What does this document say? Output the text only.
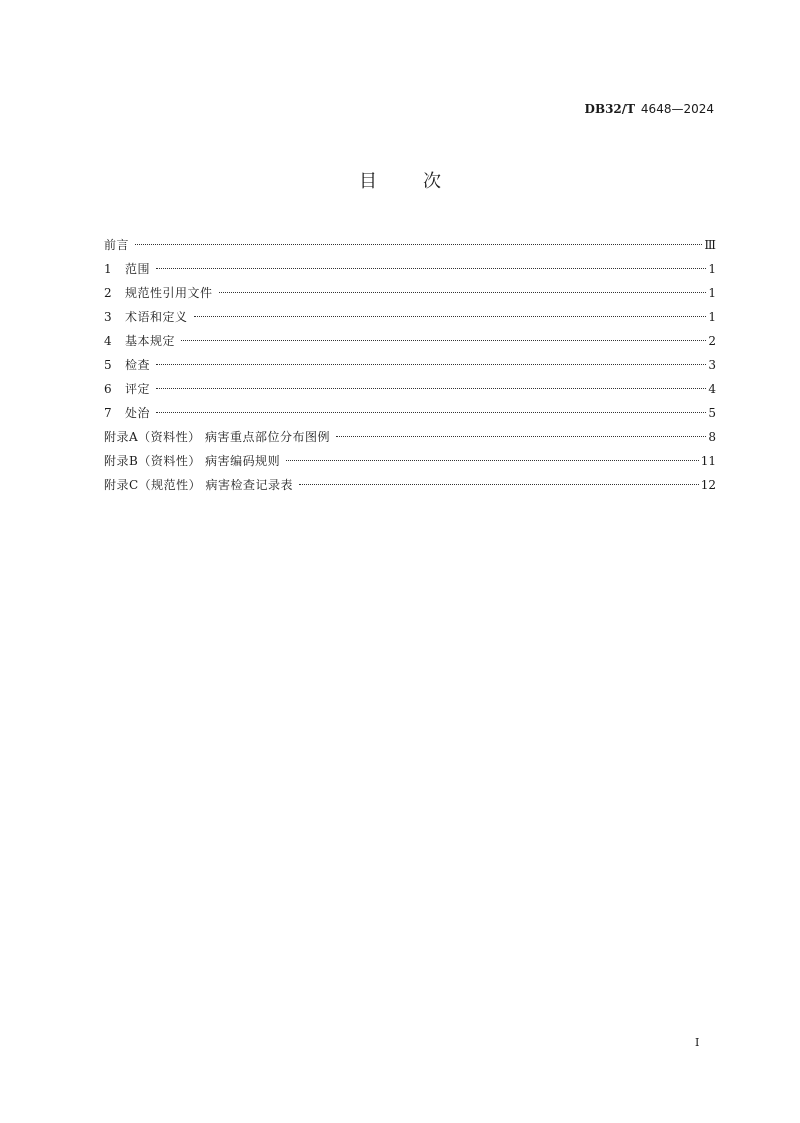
DB32/T 4648—2024
目次
前言	Ⅲ
1	范围	1
2	规范性引用文件	1
3	术语和定义	1
4	基本规定	2
5	检查	3
6	评定	4
7	处治	5
附录A（资料性） 病害重点部位分布图例	8
附录B（资料性） 病害编码规则	11
附录C（规范性） 病害检查记录表	12
I
